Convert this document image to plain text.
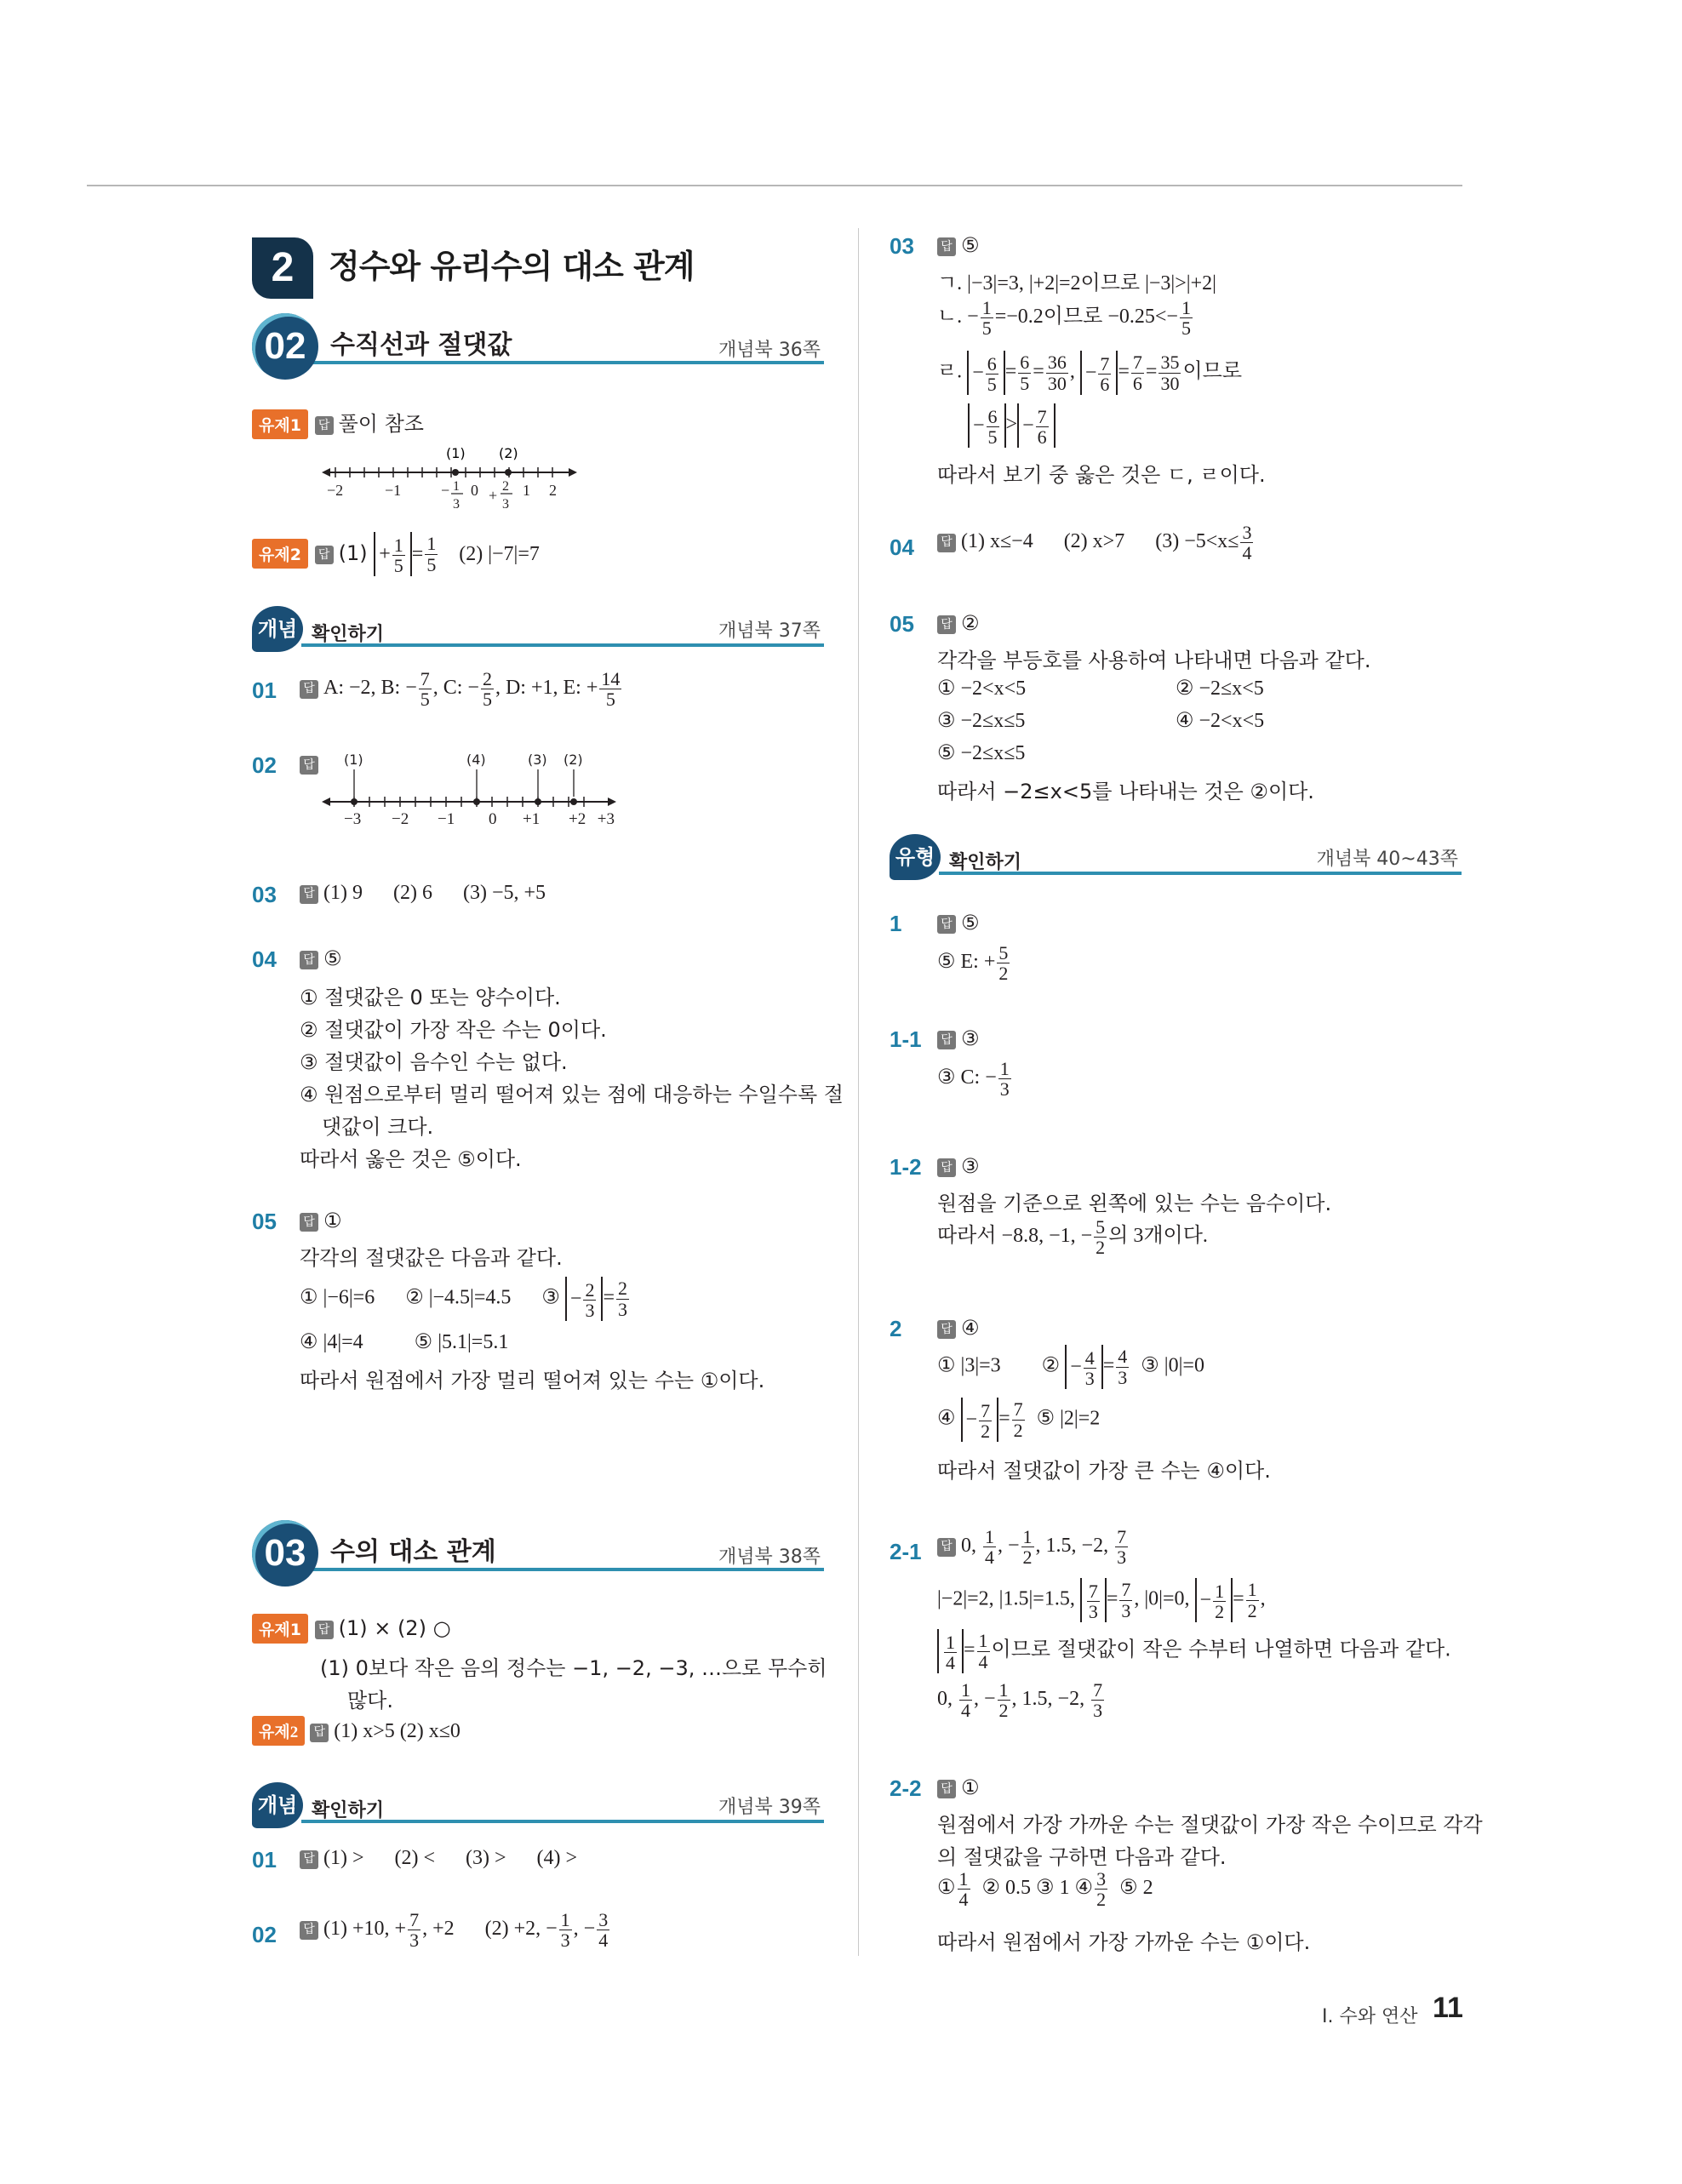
2	정수와 유리수의 대소 관계
02 수직선과 절댓값	개념북 36쪽
유제1 답 풀이 참조
(1) (2)
−2	−1	− 1
3
0 +
2
3
1 2
유제2 답 $(1) + \frac{1}{5} = \frac{1}{5} (2)$ |−7|=7
개념 확인하기	개념북 37쪽
01	답 A: −2, B: − $\frac{7}{5}$ , C: − $\frac{2}{5}$ , D: +1, E: + $\frac{14}{5}$
02	답 (1)	(4)	(3) (2)
−3 −2 −1 0 +1 +2 +3
03	답 (1) 9      (2) 6      (3) −5, +5
04	답 ⑤
① 절댓값은 0 또는 양수이다.
② 절댓값이 가장 작은 수는 0이다.
③ 절댓값이 음수인 수는 없다.
④ 원점으로부터 멀리 떨어져 있는 점에 대응하는 수일수록 절
댓값이 크다.
따라서 옳은 것은 ⑤이다.
05	답 ①
각각의 절댓값은 다음과 같다.
① |−6|=6 ② |−4.5|=4.5 ③ − $\frac{2}{3} = \frac{2}{3}$
④ |4|=4	⑤ |5.1|=5.1
따라서 원점에서 가장 멀리 떨어져 있는 수는 ①이다.
03 수의 대소 관계	개념북 38쪽
유제1 답 (1) × (2) ○
(1) 0보다 작은 음의 정수는 −1, −2, −3, …으로 무수히
많다.
유제2 답 (1) x>5 (2) x≤0
개념 확인하기	개념북 39쪽
01	답 (1) >      (2) <      (3) >      (4) >
02	답 (1) +10, + $\frac{7}{3}$ , +2 (2) +2, − $\frac{1}{3}$ , − $\frac{3}{4}$
03	답 ⑤
ㄱ. |−3|=3, |+2|=2이므로 |−3|>|+2|
ㄴ. − $\frac{1}{5} =-0.2$이므로 $-0.25<- \frac{1}{5}$
ㄹ. − $\frac{6}{5} = \frac{6}{5} = \frac{36}{30}$ , − $\frac{7}{6} = \frac{7}{6} = \frac{35}{30}$ 이므로
− $\frac{6}{5}$ > − $\frac{7}{6}$
따라서 보기 중 옳은 것은 ㄷ, ㄹ이다.
04	답 (1) x≤−4      (2) x>7      $(3) -5<x\le \frac{3}{4}$
05	답 ②
각각을 부등호를 사용하여 나타내면 다음과 같다.
① −2<x<5	② −2≤x<5
③ −2≤x≤5	④ −2<x<5
⑤ −2≤x≤5
따라서 −2≤x<5를 나타내는 것은 ②이다.
유형 확인하기	개념북 40~43쪽
1	답 ⑤
⑤ E: + $\frac{5}{2}$
1-1	답 ③
③ C: − $\frac{1}{3}$
1-2	답 ③
원점을 기준으로 왼쪽에 있는 수는 음수이다.
따라서 −8.8, −1, − $\frac{5}{2}$ 의 3개이다.
2	답 ④
① |3|=3 ② − $\frac{4}{3} = \frac{4}{3}$ ③ |0|=0
④ − $\frac{7}{2} = \frac{7}{2}$ ⑤ |2|=2
따라서 절댓값이 가장 큰 수는 ④이다.
2-1	답 0, $\frac{1}{4}$ , − $\frac{1}{2}$ , 1.5, −2, $\frac{7}{3}$
|−2|=2, |1.5|=1.5, $\frac{7}{3} = \frac{7}{3}$ , |0|=0, − $\frac{1}{2} = \frac{1}{2}$ ,
$\frac{1}{4} = \frac{1}{4}$ 이므로 절댓값이 작은 수부터 나열하면 다음과 같다.
0, $\frac{1}{4}$ , − $\frac{1}{2}$ , 1.5, −2, $\frac{7}{3}$
2-2	답 ①
원점에서 가장 가까운 수는 절댓값이 가장 작은 수이므로 각각
의 절댓값을 구하면 다음과 같다.
① $\frac{1}{4}$ ② 0.5 ③ 1 ④ $\frac{3}{2}$ ⑤ 2
따라서 원점에서 가장 가까운 수는 ①이다.
I. 수와 연산 11
